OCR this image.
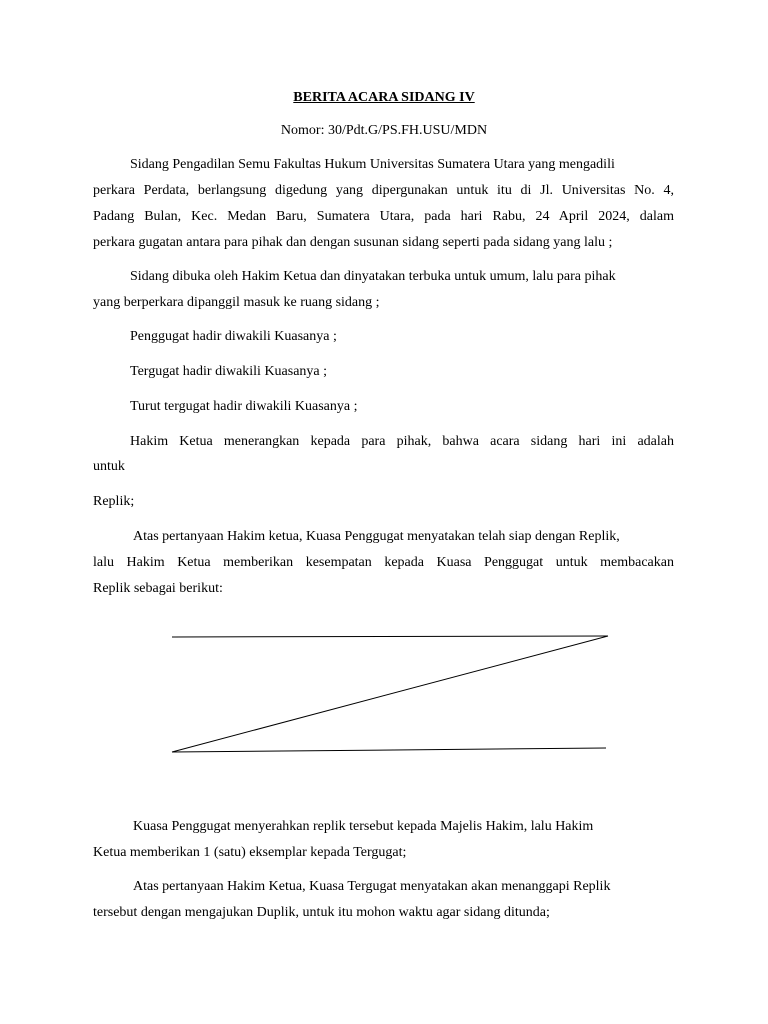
BERITA ACARA SIDANG IV
Nomor: 30/Pdt.G/PS.FH.USU/MDN
Sidang Pengadilan Semu Fakultas Hukum Universitas Sumatera Utara yang mengadili
perkara Perdata, berlangsung digedung yang dipergunakan untuk itu di Jl. Universitas No. 4,
Padang Bulan, Kec. Medan Baru, Sumatera Utara, pada hari Rabu, 24 April 2024, dalam
perkara gugatan antara para pihak dan dengan susunan sidang seperti pada sidang yang lalu ;
Sidang dibuka oleh Hakim Ketua dan dinyatakan terbuka untuk umum, lalu para pihak
yang berperkara dipanggil masuk ke ruang sidang ;
Penggugat hadir diwakili Kuasanya ;
Tergugat hadir diwakili Kuasanya ;
Turut tergugat hadir diwakili Kuasanya ;
Hakim Ketua menerangkan kepada para pihak, bahwa acara sidang hari ini adalah
untuk
Replik;
Atas pertanyaan Hakim ketua, Kuasa Penggugat menyatakan telah siap dengan Replik,
lalu Hakim Ketua memberikan kesempatan kepada Kuasa Penggugat untuk membacakan
Replik sebagai berikut:
Kuasa Penggugat menyerahkan replik tersebut kepada Majelis Hakim, lalu Hakim
Ketua memberikan 1 (satu) eksemplar kepada Tergugat;
Atas pertanyaan Hakim Ketua, Kuasa Tergugat menyatakan akan menanggapi Replik
tersebut dengan mengajukan Duplik, untuk itu mohon waktu agar sidang ditunda;
